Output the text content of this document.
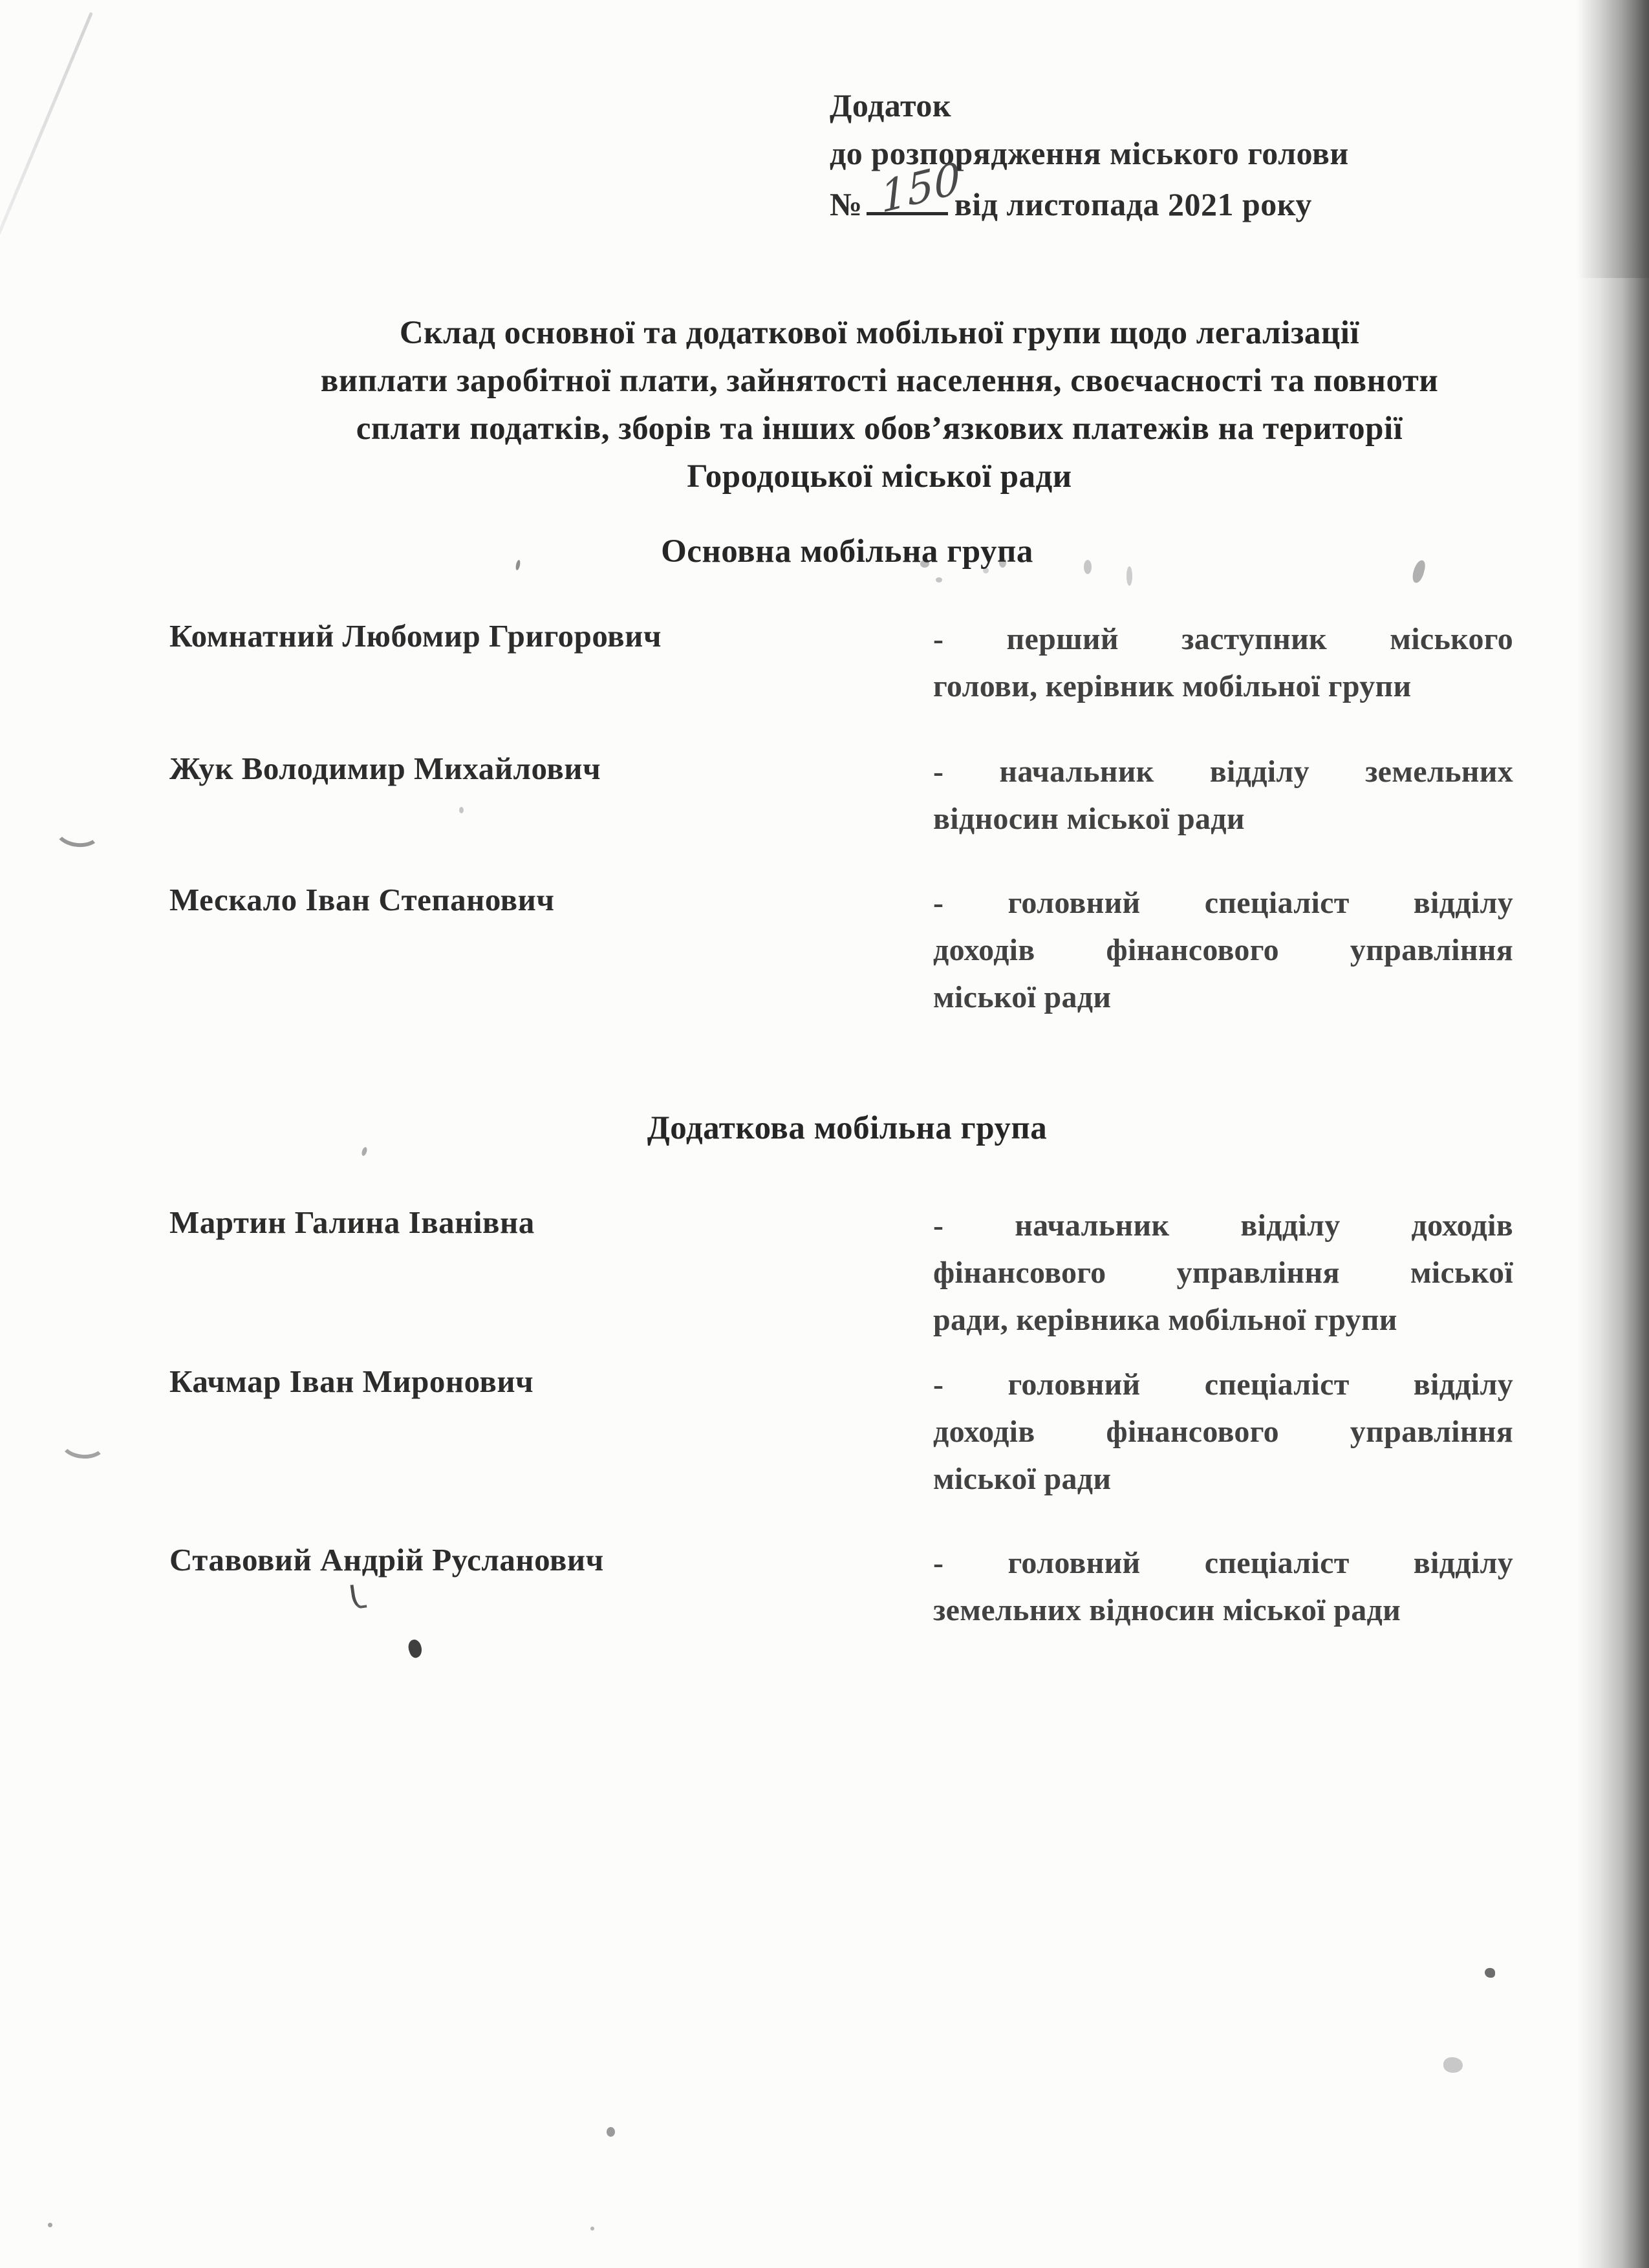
Додаток
до розпорядження міського голови
№ 150
від листопада 2021 року
Склад основної та додаткової мобільної групи щодо легалізації
виплати заробітної плати, зайнятості населення, своєчасності та повноти
сплати податків, зборів та інших обов’язкових платежів на території
Городоцької міської ради
Основна мобільна група
Додаткова мобільна група
Комнатний Любомир Григорович	- перший заступник міського
голови, керівник мобільної групи
Жук Володимир Михайлович	- начальник відділу земельних
відносин міської ради
Мескало Іван Степанович	- головний спеціаліст відділу
доходів фінансового управління
міської ради
Мартин Галина Іванівна	- начальник відділу доходів
фінансового управління міської
ради, керівника мобільної групи
Качмар Іван Миронович	- головний спеціаліст відділу
доходів фінансового управління
міської ради
Ставовий Андрій Русланович	- головний спеціаліст відділу
земельних відносин міської ради
